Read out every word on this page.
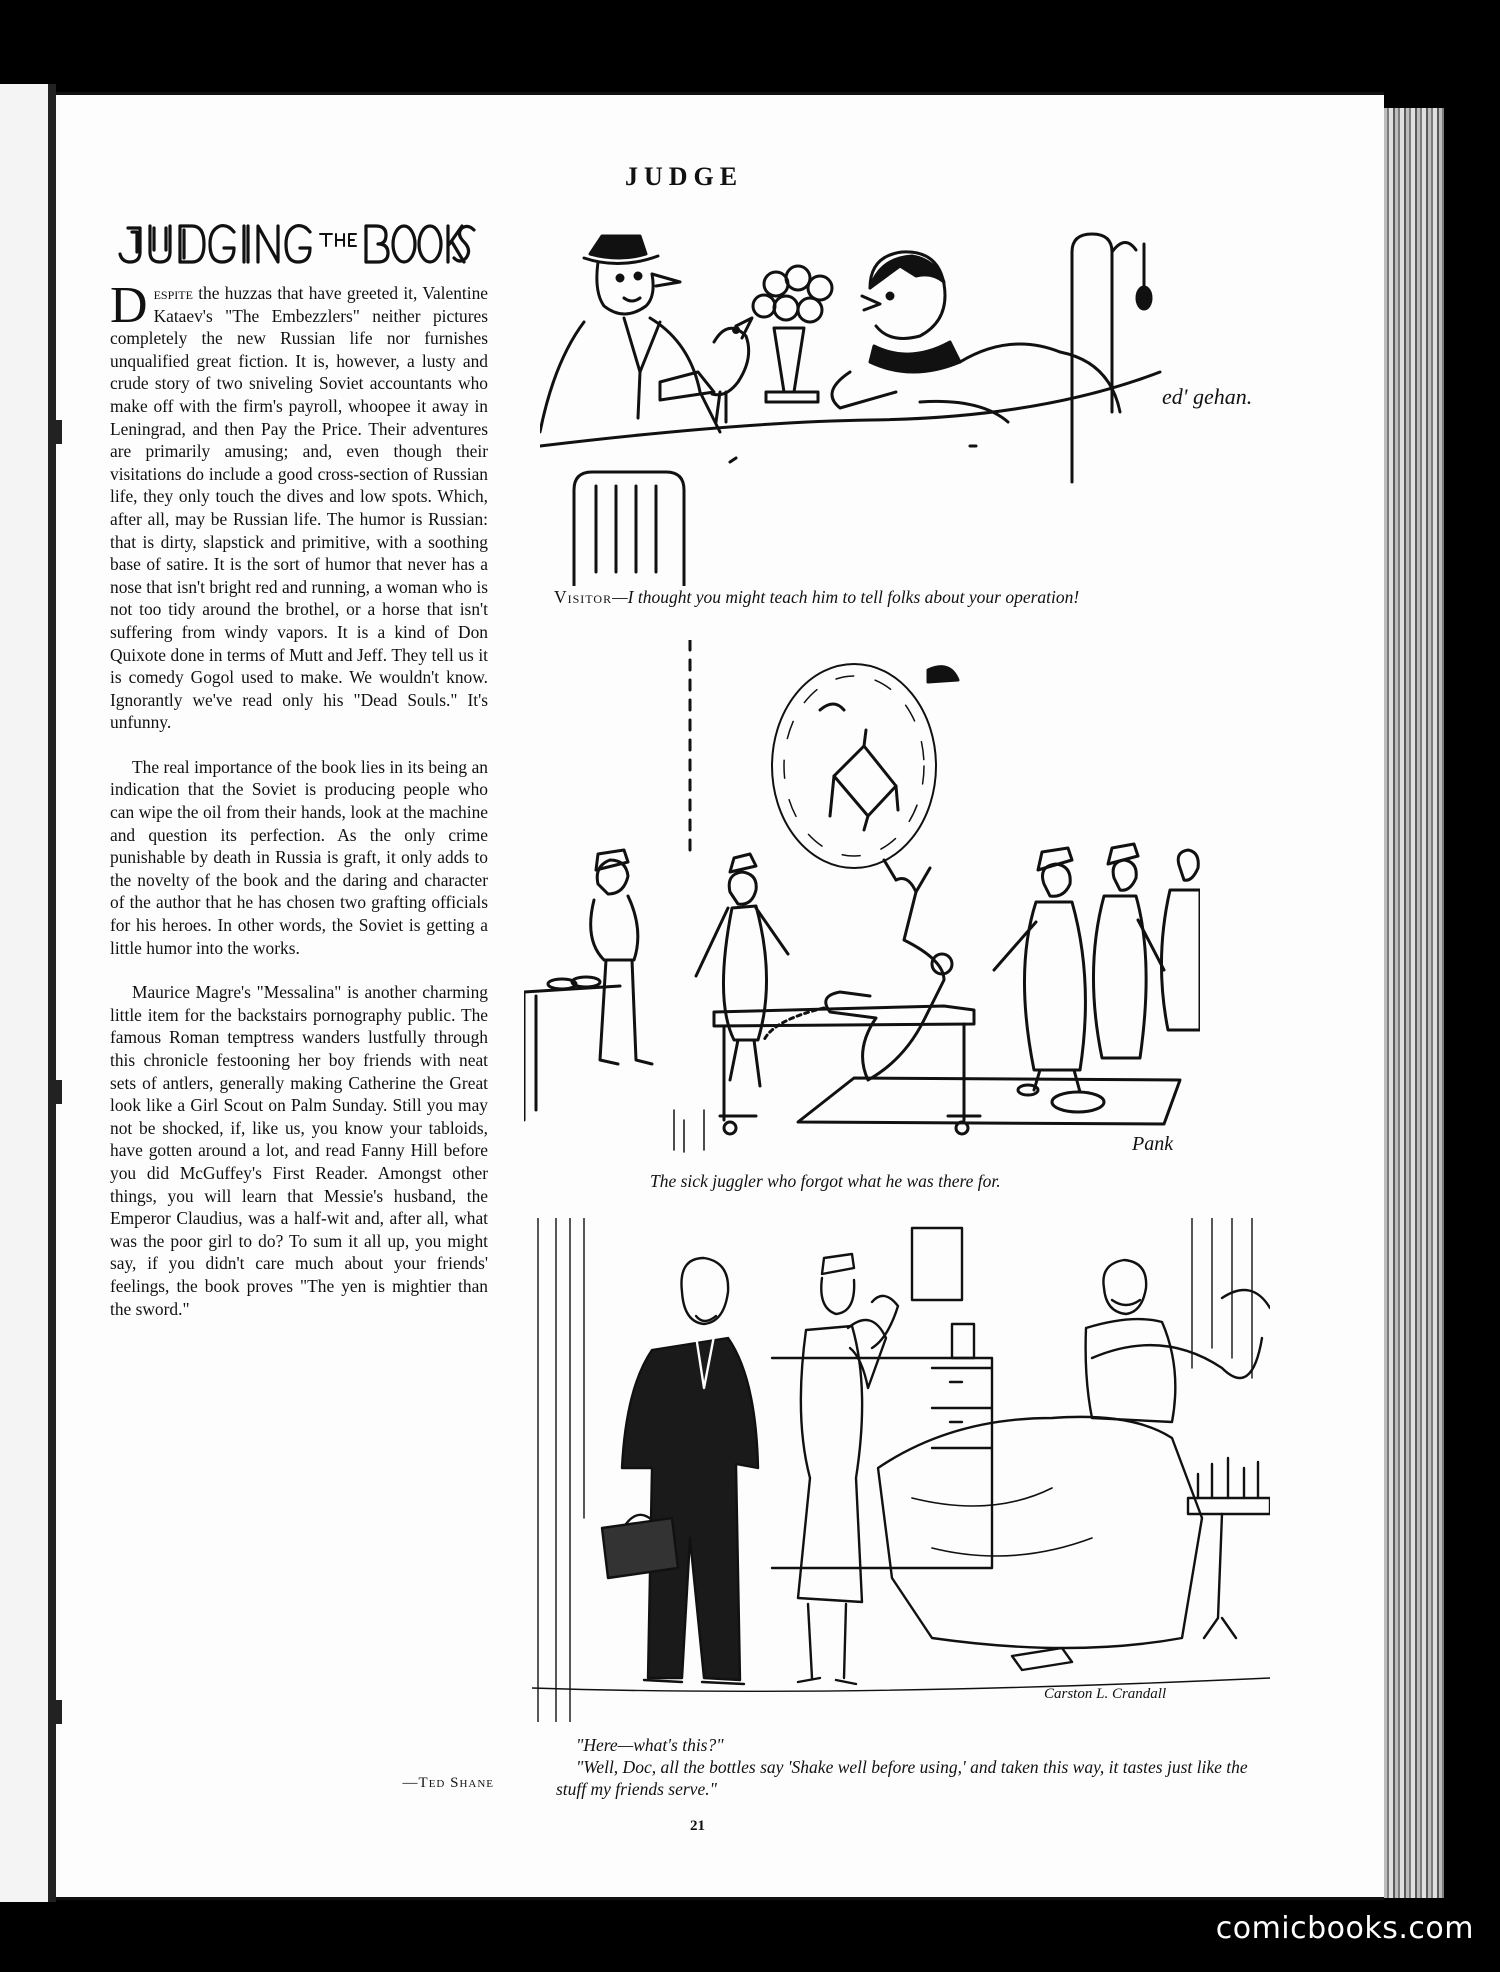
JUDGE

Despite the huzzas that have greeted it, Valentine Kataev's "The Embezzlers" neither pictures completely the new Russian life nor furnishes unqualified great fiction. It is, however, a lusty and crude story of two sniveling Soviet accountants who make off with the firm's payroll, whoopee it away in Leningrad, and then Pay the Price. Their adventures are primarily amusing; and, even though their visitations do include a good cross-section of Russian life, they only touch the dives and low spots. Which, after all, may be Russian life. The humor is Russian: that is dirty, slapstick and primitive, with a soothing base of satire. It is the sort of humor that never has a nose that isn't bright red and running, a woman who is not too tidy around the brothel, or a horse that isn't suffering from windy vapors. It is a kind of Don Quixote done in terms of Mutt and Jeff. They tell us it is comedy Gogol used to make. We wouldn't know. Ignorantly we've read only his "Dead Souls." It's unfunny.

The real importance of the book lies in its being an indication that the Soviet is producing people who can wipe the oil from their hands, look at the machine and question its perfection. As the only crime punishable by death in Russia is graft, it only adds to the novelty of the book and the daring and character of the author that he has chosen two grafting officials for his heroes. In other words, the Soviet is getting a little humor into the works.

Maurice Magre's "Messalina" is another charming little item for the backstairs pornography public. The famous Roman temptress wanders lustfully through this chronicle festooning her boy friends with neat sets of antlers, generally making Catherine the Great look like a Girl Scout on Palm Sunday. Still you may not be shocked, if, like us, you know your tabloids, have gotten around a lot, and read Fanny Hill before you did McGuffey's First Reader. Amongst other things, you will learn that Messie's husband, the Emperor Claudius, was a half-wit and, after all, what was the poor girl to do? To sum it all up, you might say, if you didn't care much about your friends' feelings, the book proves "The yen is mightier than the sword."

—Ted Shane
ed' gehan.
Visitor—I thought you might teach him to tell folks about your operation!
Pank
The sick juggler who forgot what he was there for.
Carston L. Crandall
"Here—what's this?"
"Well, Doc, all the bottles say 'Shake well before using,' and taken this way, it tastes just like the stuff my friends serve."
21
comicbooks.com
